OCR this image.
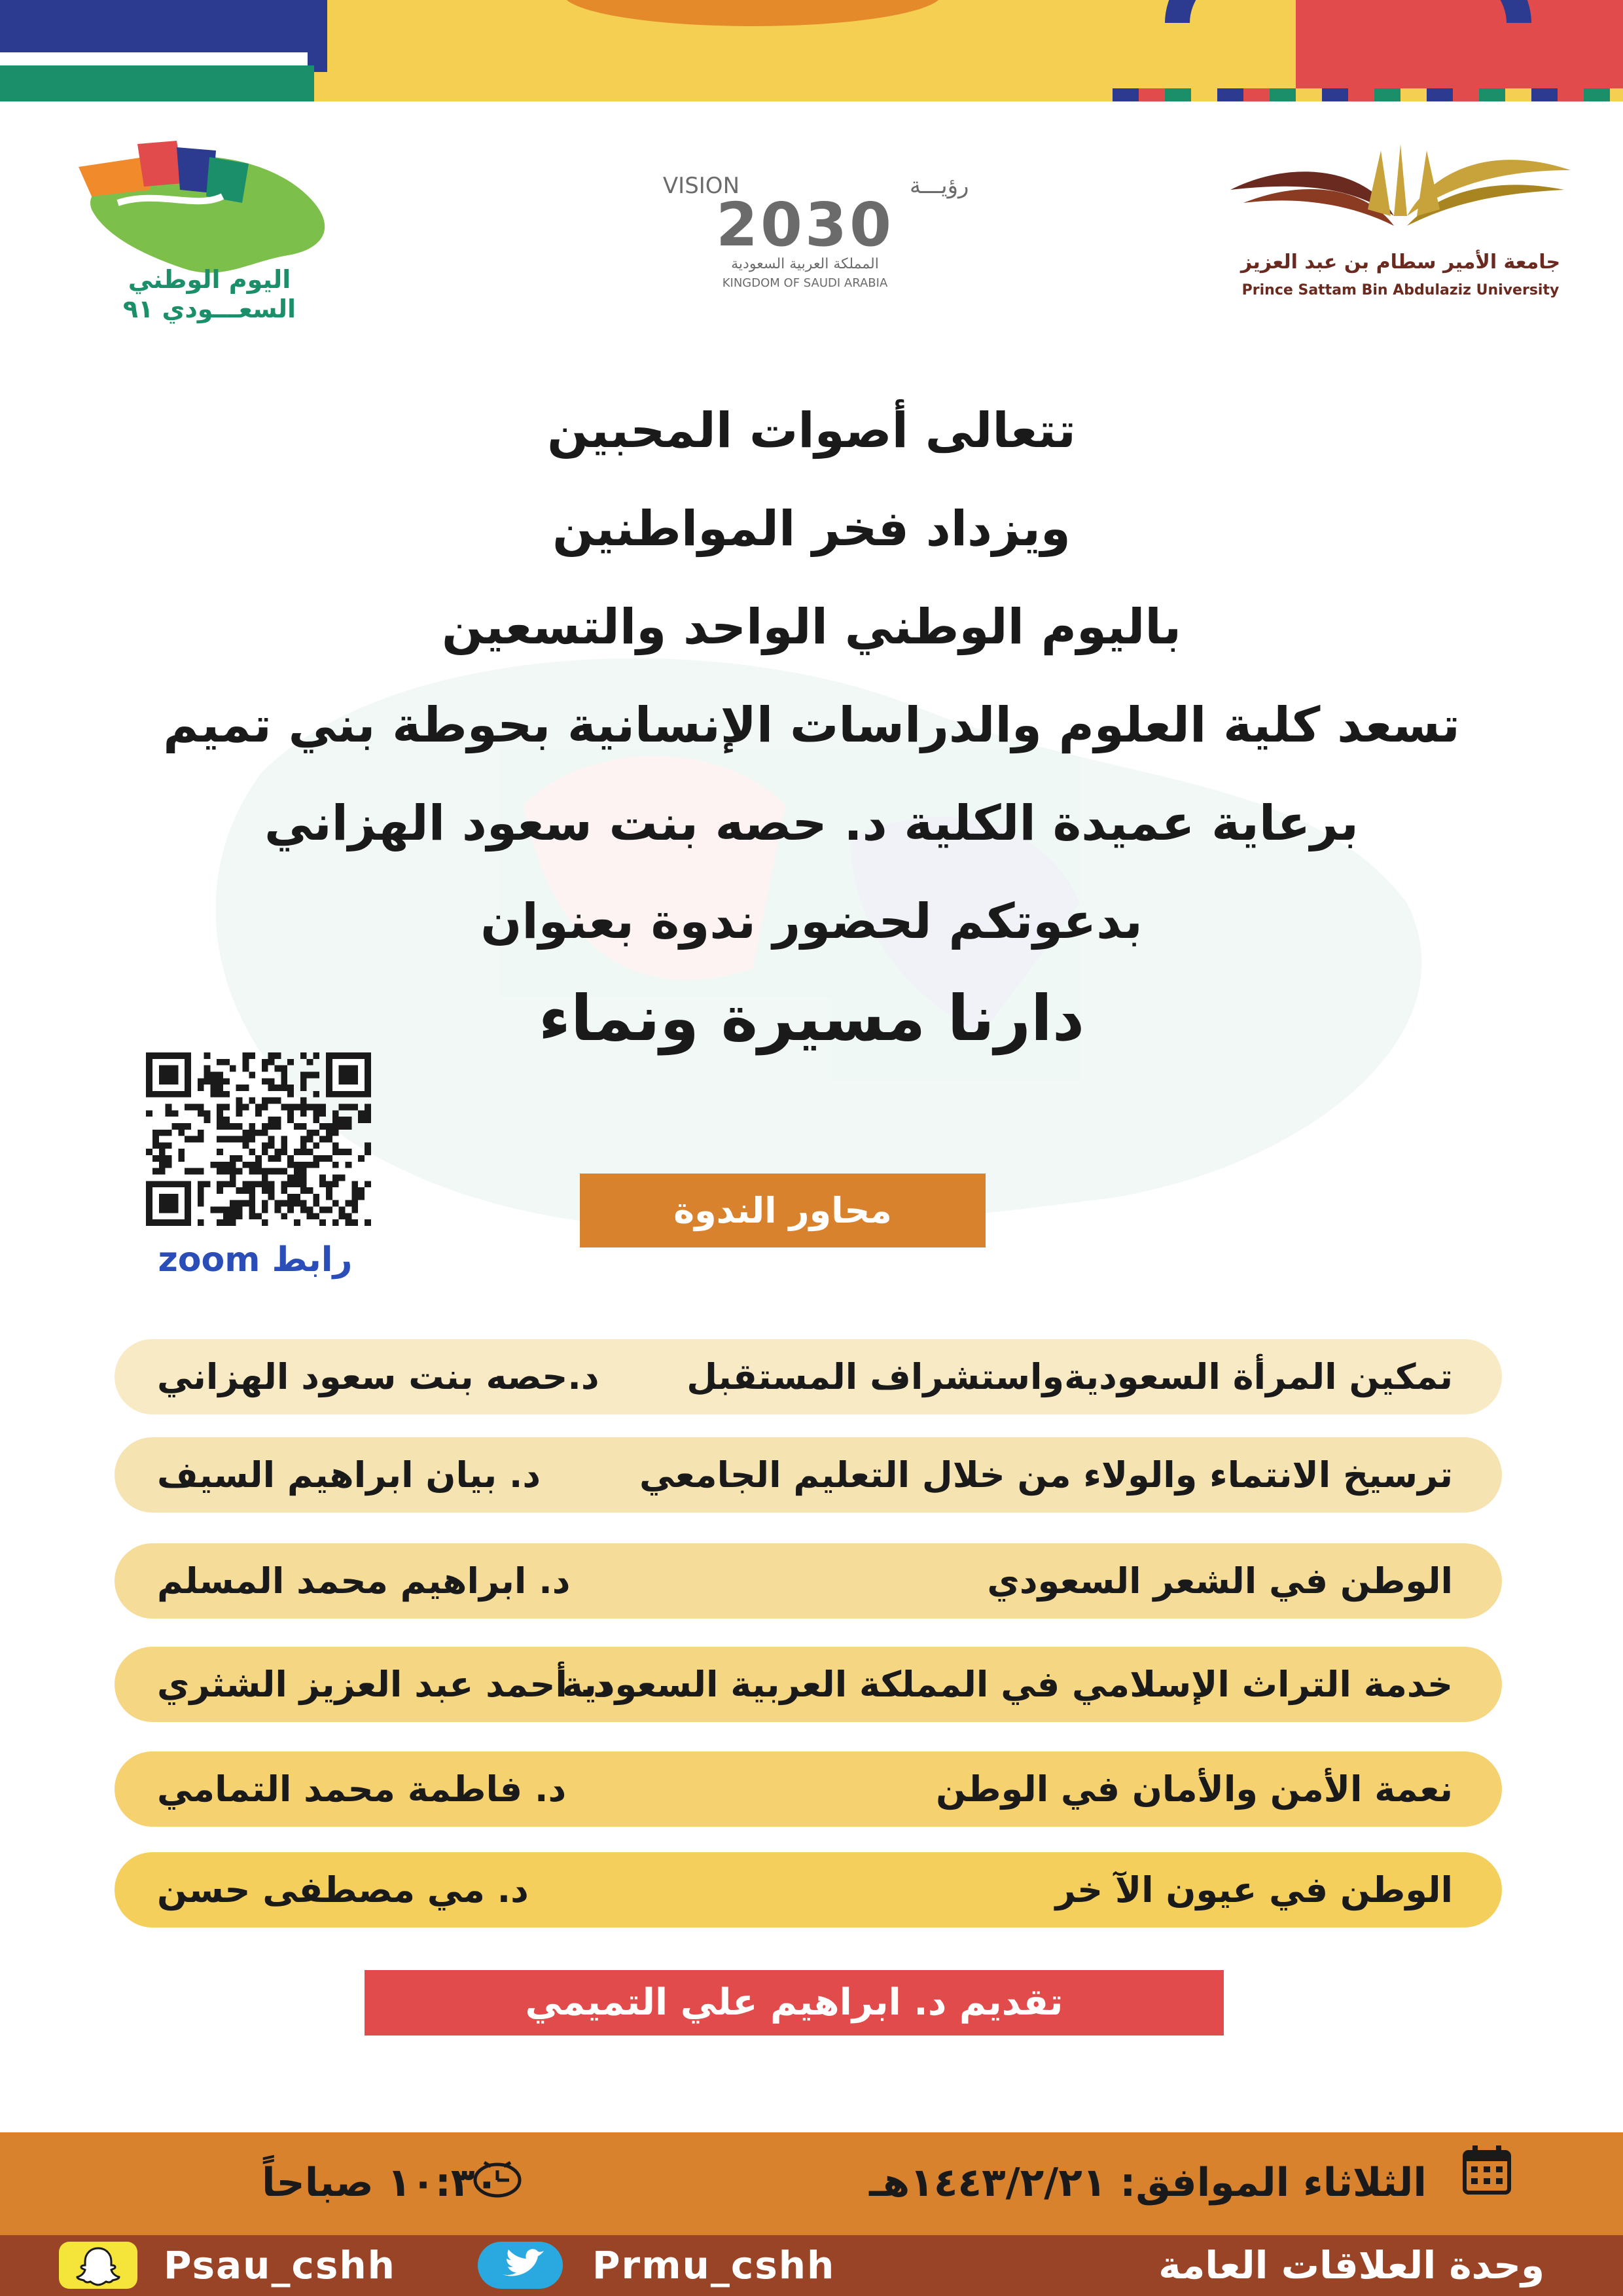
اليوم الوطني
السعـــودي ٩١
VISION	رؤيـــة
2030
المملكة العربية السعودية
KINGDOM OF SAUDI ARABIA
جامعة الأمير سطام بن عبد العزيز
Prince Sattam Bin Abdulaziz University
تتعالى أصوات المحبين
ويزداد فخر المواطنين
باليوم الوطني الواحد والتسعين
تسعد كلية العلوم والدراسات الإنسانية بحوطة بني تميم
برعاية عميدة الكلية د. حصه بنت سعود الهزاني
بدعوتكم لحضور ندوة بعنوان
دارنا مسيرة ونماء
رابط zoom
محاور الندوة
تمكين المرأة السعوديةواستشراف المستقبل
د.حصه بنت سعود الهزاني
ترسيخ الانتماء والولاء من خلال التعليم الجامعي
د. بيان ابراهيم السيف
الوطن في الشعر السعودي
د. ابراهيم محمد المسلم
خدمة التراث الإسلامي في المملكة العربية السعودية
د. أحمد عبد العزيز الشثري
نعمة الأمن والأمان في الوطن
د. فاطمة محمد التمامي
الوطن في عيون الآ خر
د. مي مصطفى حسن
تقديم د. ابراهيم علي التميمي
الثلاثاء الموافق: ١٤٤٣/٢/٢١هـ
١٠:٣٠ صباحاً
وحدة العلاقات العامة
Prmu_cshh
Psau_cshh
